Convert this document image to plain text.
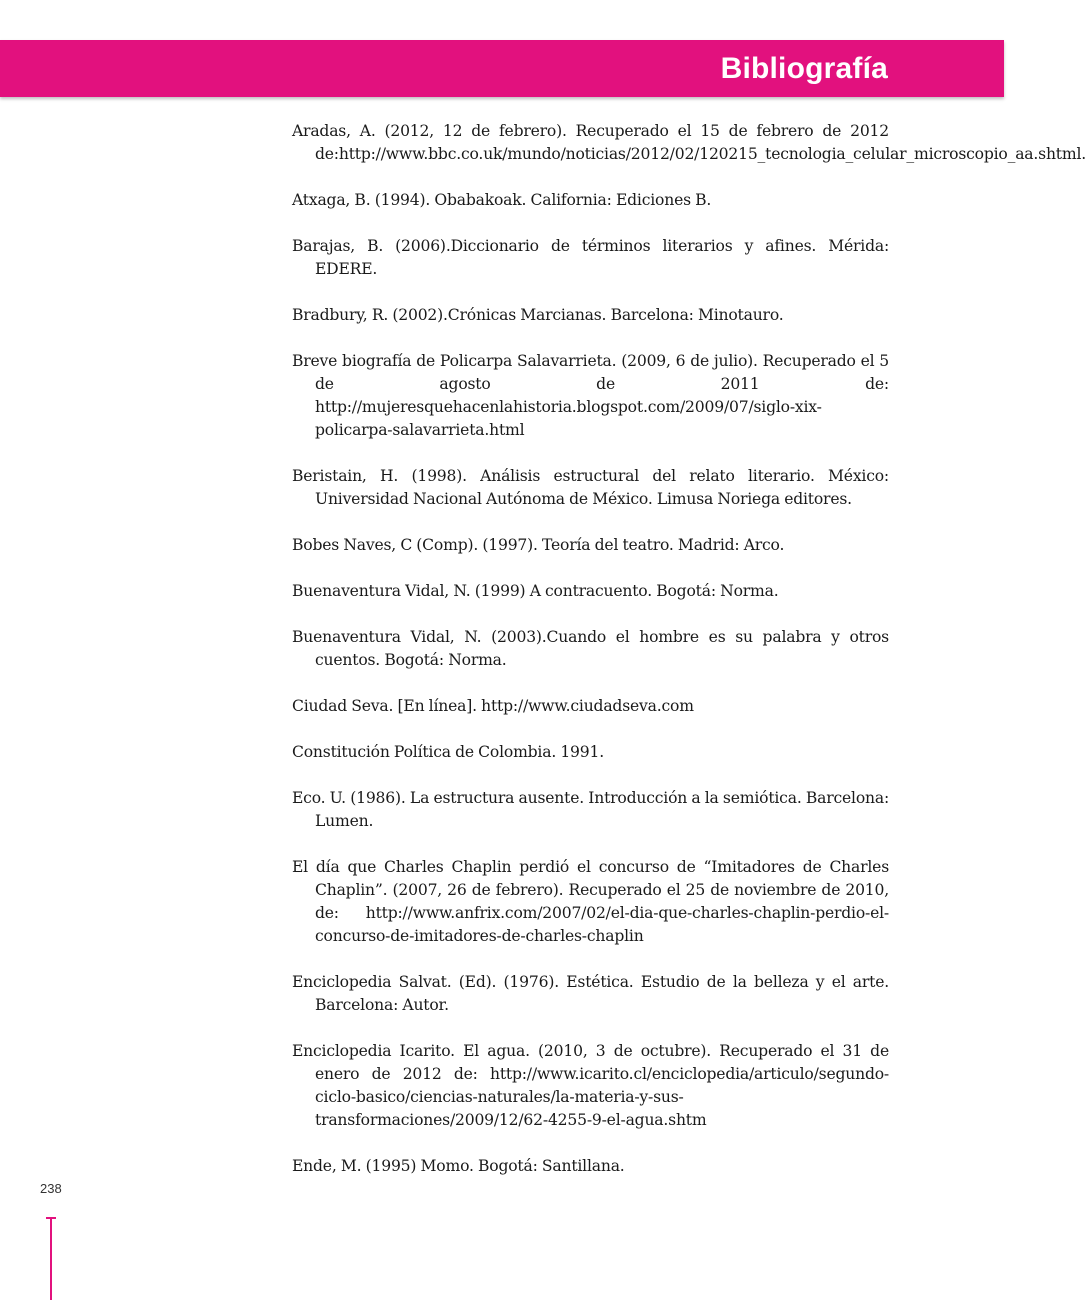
Bibliografía
Aradas, A. (2012, 12 de febrero). Recuperado el 15 de febrero de 2012 de:http://www.bbc.co.uk/mundo/noticias/2012/02/120215_tecnologia_celular_microscopio_aa.shtml.
Atxaga, B. (1994). Obabakoak. California: Ediciones B.
Barajas, B. (2006).Diccionario de términos literarios y afines. Mérida: EDERE.
Bradbury, R. (2002).Crónicas Marcianas. Barcelona: Minotauro.
Breve biografía de Policarpa Salavarrieta. (2009, 6 de julio). Recuperado el 5 de agosto de 2011 de: http://mujeresquehacenlahistoria.blogspot.com/2009/07/siglo-xix-policarpa-salavarrieta.html
Beristain, H. (1998). Análisis estructural del relato literario. México: Universidad Nacional Autónoma de México. Limusa Noriega editores.
Bobes Naves, C (Comp). (1997). Teoría del teatro. Madrid: Arco.
Buenaventura Vidal, N. (1999) A contracuento. Bogotá: Norma.
Buenaventura Vidal, N. (2003).Cuando el hombre es su palabra y otros cuentos. Bogotá: Norma.
Ciudad Seva. [En línea]. http://www.ciudadseva.com
Constitución Política de Colombia. 1991.
Eco. U. (1986). La estructura ausente. Introducción a la semiótica. Barcelona: Lumen.
El día que Charles Chaplin perdió el concurso de “Imitadores de Charles Chaplin”. (2007, 26 de febrero). Recuperado el 25 de noviembre de 2010, de: http://www.anfrix.com/2007/02/el-dia-que-charles-chaplin-perdio-el-concurso-de-imitadores-de-charles-chaplin
Enciclopedia Salvat. (Ed). (1976). Estética. Estudio de la belleza y el arte. Barcelona: Autor.
Enciclopedia Icarito. El agua. (2010, 3 de octubre). Recuperado el 31 de enero de 2012 de: http://www.icarito.cl/enciclopedia/articulo/segundo-ciclo-basico/ciencias-naturales/la-materia-y-sus-transformaciones/2009/12/62-4255-9-el-agua.shtm
Ende, M. (1995) Momo. Bogotá: Santillana.
238
